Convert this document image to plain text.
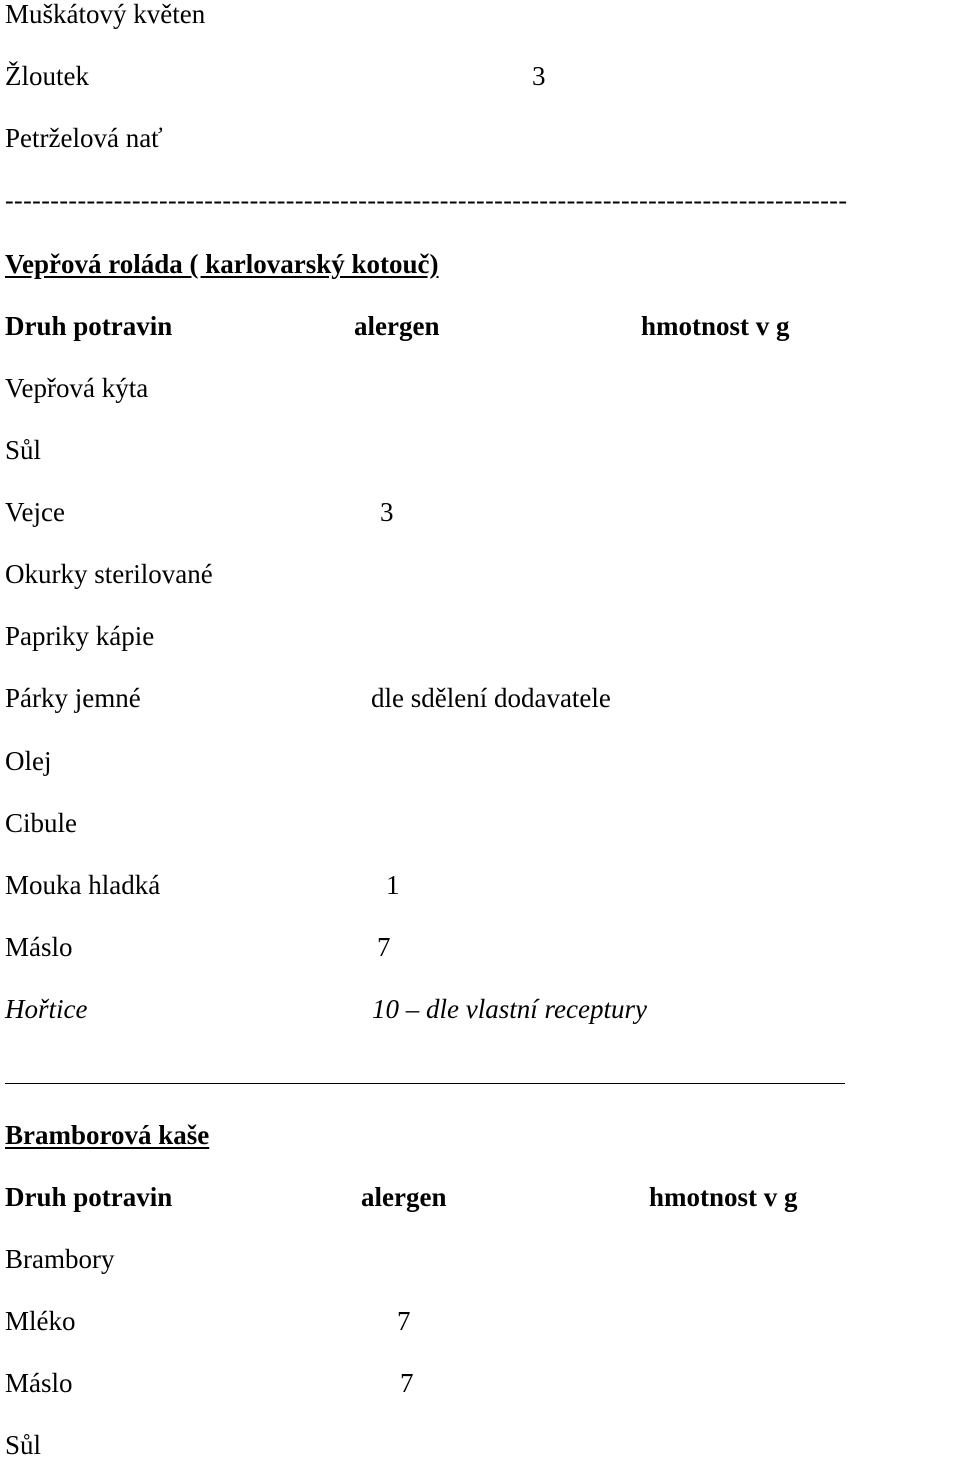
Muškátový květen
Žloutek	3
Petrželová nať
---------------------------------------------------------------------------------------------
Vepřová roláda ( karlovarský kotouč)
Druh potravin	alergen	hmotnost v g
Vepřová kýta
Sůl
Vejce	3
Okurky sterilované
Papriky kápie
Párky jemné	dle sdělení dodavatele
Olej
Cibule
Mouka hladká	1
Máslo	7
Hořtice	10 – dle vlastní receptury
Bramborová kaše
Druh potravin	alergen	hmotnost v g
Brambory
Mléko	7
Máslo	7
Sůl
